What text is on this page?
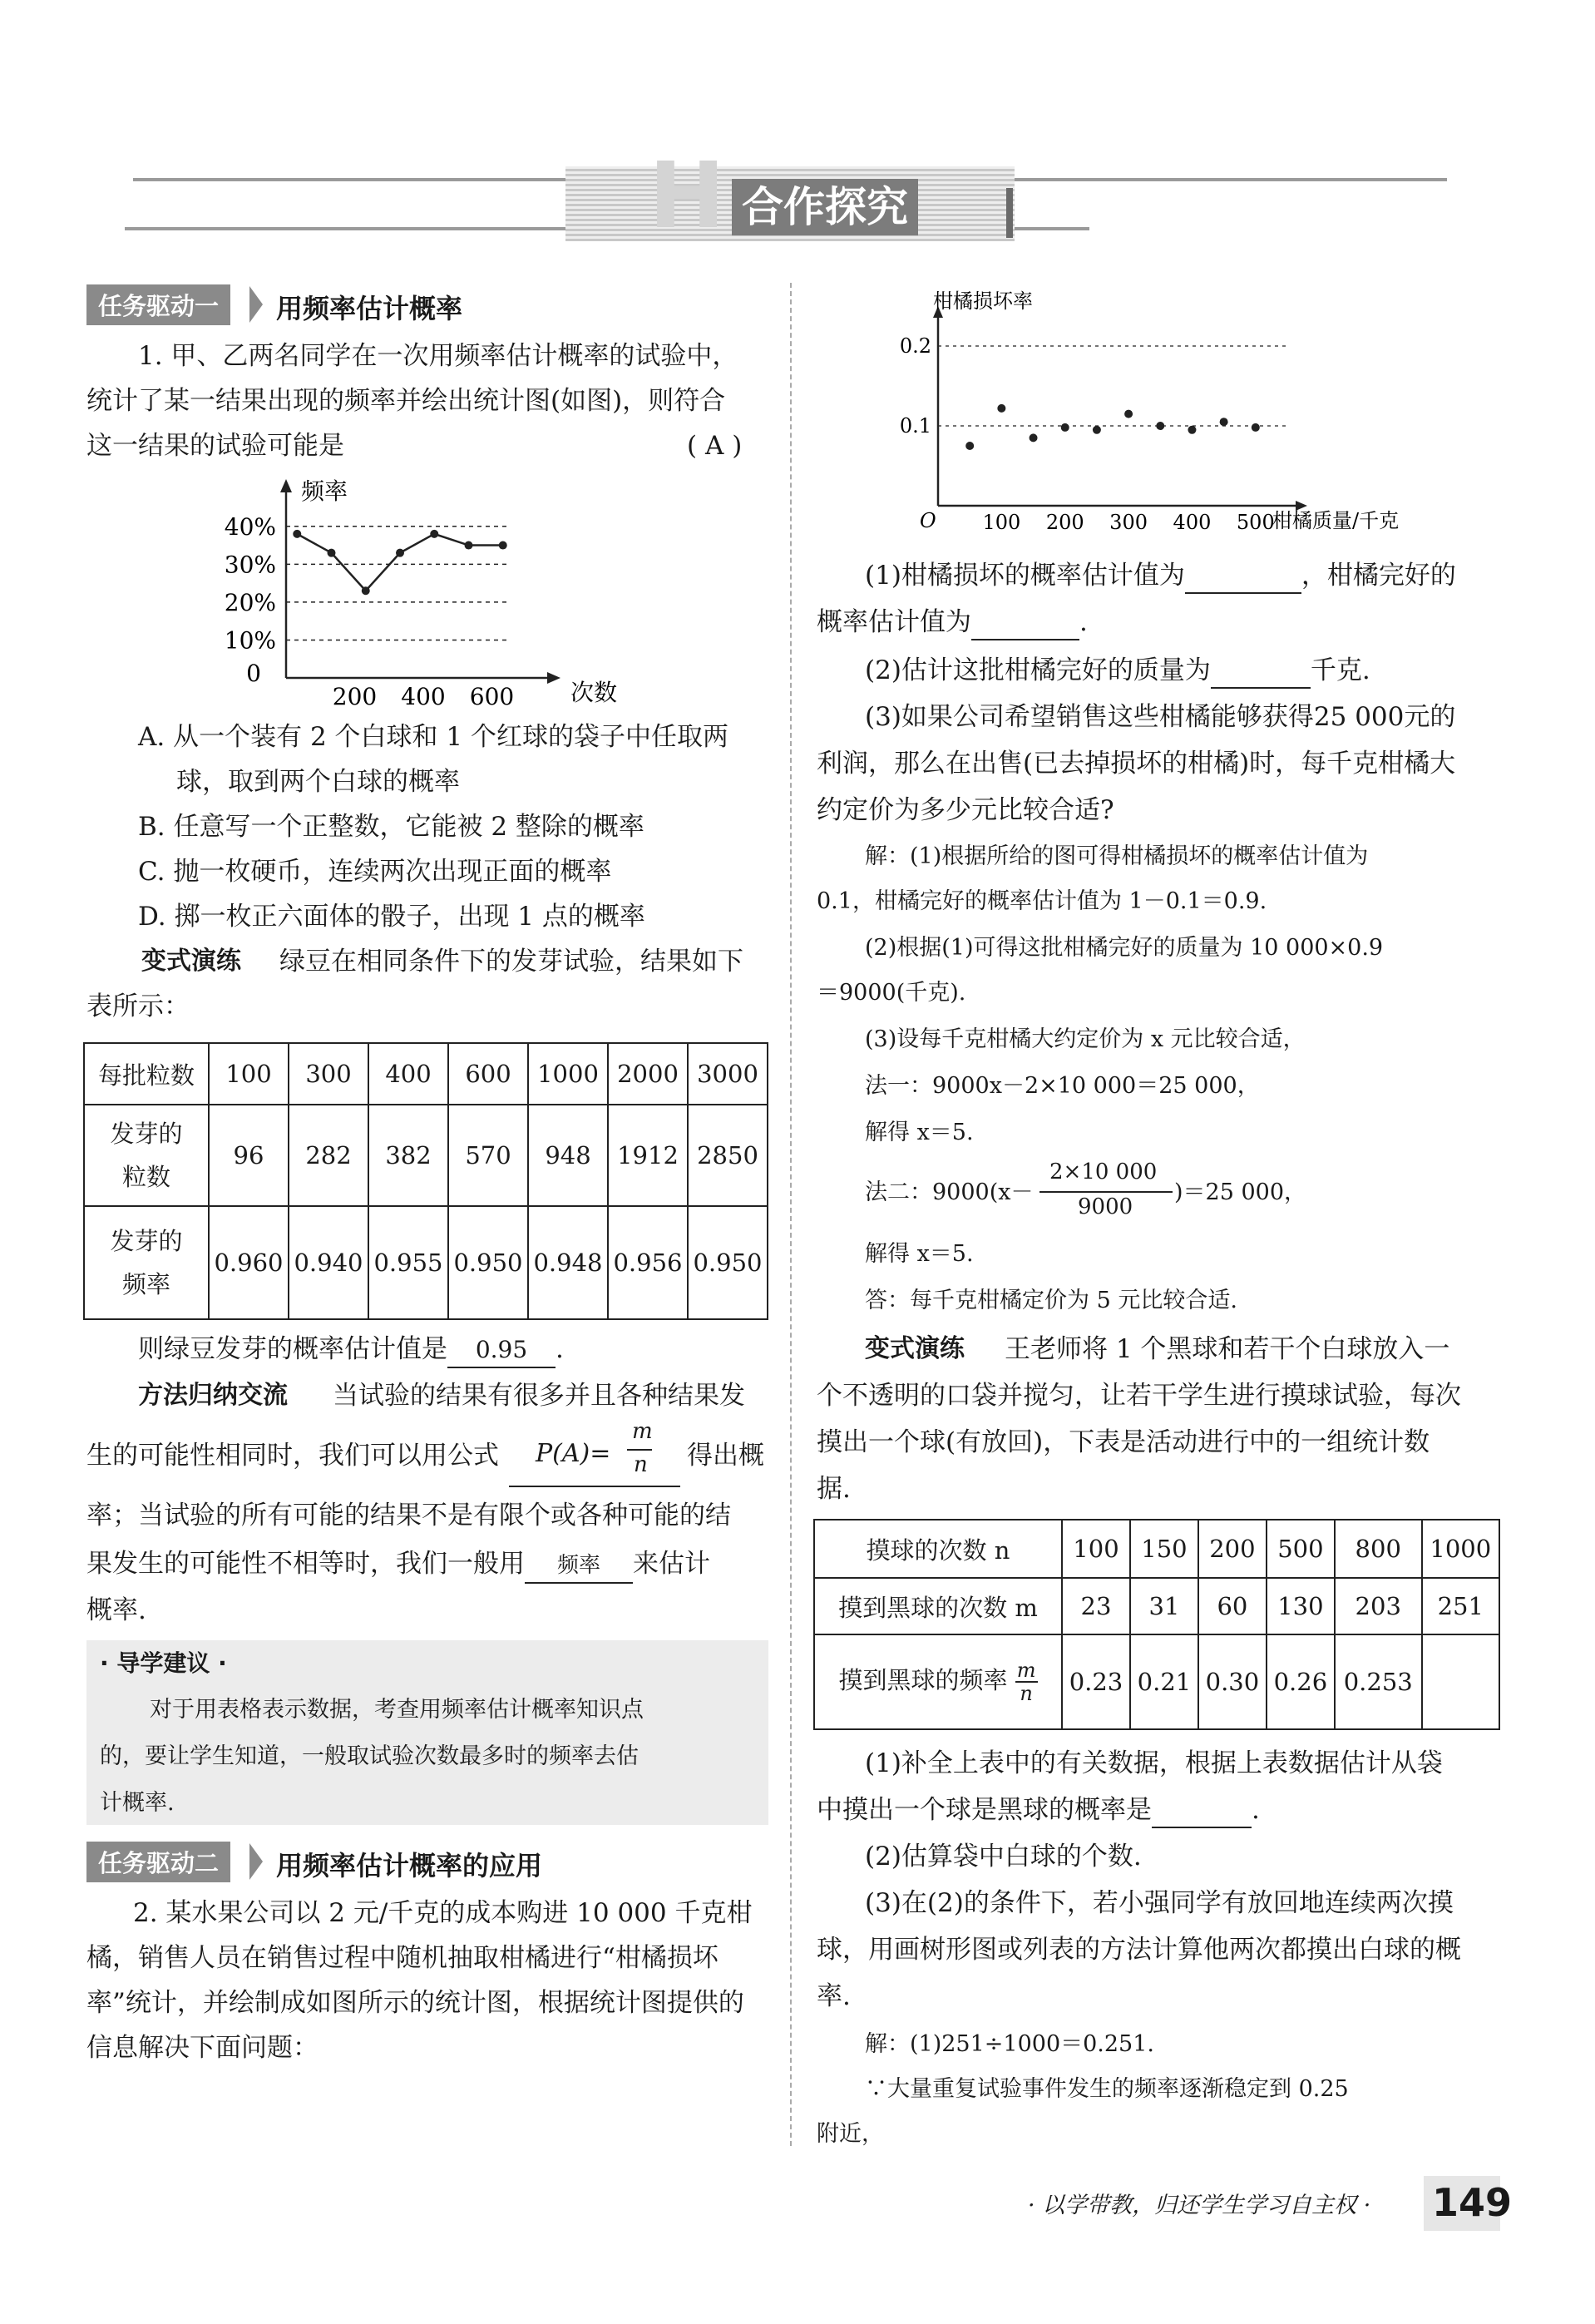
H 合作探究
任务驱动一	用频率估计概率
1. 甲、乙两名同学在一次用频率估计概率的试验中，
统计了某一结果出现的频率并绘出统计图(如图)，则符合
这一结果的试验可能是	( A )
频率
次数
40%
30%
20%
10%
0
200 400 600
A. 从一个装有 2 个白球和 1 个红球的袋子中任取两
球，取到两个白球的概率
B. 任意写一个正整数，它能被 2 整除的概率
C. 抛一枚硬币，连续两次出现正面的概率
D. 掷一枚正六面体的骰子，出现 1 点的概率
变式演练 绿豆在相同条件下的发芽试验，结果如下
表所示：
每批粒数	100	300	400	600	1000	2000	3000
发芽的粒数	96	282	382	570	948	1912	2850
发芽的频率	0.960	0.940	0.955	0.950	0.948	0.956	0.950
则绿豆发芽的概率估计值是 0.95 .
方法归纳交流 当试验的结果有很多并且各种结果发
生的可能性相同时，我们可以用公式 P(A)=
m
n 得出概
率；当试验的所有可能的结果不是有限个或各种可能的结
果发生的可能性不相等时，我们一般用 频率 来估计
概率.
· 导学建议 ·
对于用表格表示数据，考查用频率估计概率知识点
的，要让学生知道，一般取试验次数最多时的频率去估
计概率.
任务驱动二	用频率估计概率的应用
2. 某水果公司以 2 元/千克的成本购进 10 000 千克柑
橘，销售人员在销售过程中随机抽取柑橘进行“柑橘损坏
率”统计，并绘制成如图所示的统计图，根据统计图提供的
信息解决下面问题：
柑橘损坏率
柑橘质量/千克
O
0.2
0.1
100 200 300 400 500
(1)柑橘损坏的概率估计值为	，柑橘完好的
概率估计值为	.
(2)估计这批柑橘完好的质量为	千克.
(3)如果公司希望销售这些柑橘能够获得25 000元的
利润，那么在出售(已去掉损坏的柑橘)时，每千克柑橘大
约定价为多少元比较合适?
解：(1)根据所给的图可得柑橘损坏的概率估计值为
0.1，柑橘完好的概率估计值为 1－0.1＝0.9.
(2)根据(1)可得这批柑橘完好的质量为 10 000×0.9
＝9000(千克).
(3)设每千克柑橘大约定价为 x 元比较合适，
法一：9000x－2×10 000＝25 000，
解得 x＝5.
法二：9000(x－
2×10 000
9000
)＝25 000，
解得 x＝5.
答：每千克柑橘定价为 5 元比较合适.
变式演练 王老师将 1 个黑球和若干个白球放入一
个不透明的口袋并搅匀，让若干学生进行摸球试验，每次
摸出一个球(有放回)，下表是活动进行中的一组统计数
据.
摸球的次数 n	100	150	200	500	800	1000
摸到黑球的次数 m	23	31	60	130	203	251
摸到黑球的频率 $\frac{m}{n}$	0.23	0.21	0.30	0.26	0.253	
(1)补全上表中的有关数据，根据上表数据估计从袋
中摸出一个球是黑球的概率是	.
(2)估算袋中白球的个数.
(3)在(2)的条件下，若小强同学有放回地连续两次摸
球，用画树形图或列表的方法计算他两次都摸出白球的概
率.
解：(1)251÷1000＝0.251.
∵大量重复试验事件发生的频率逐渐稳定到 0.25
附近，
· 以学带教，归还学生学习自主权 · 149
